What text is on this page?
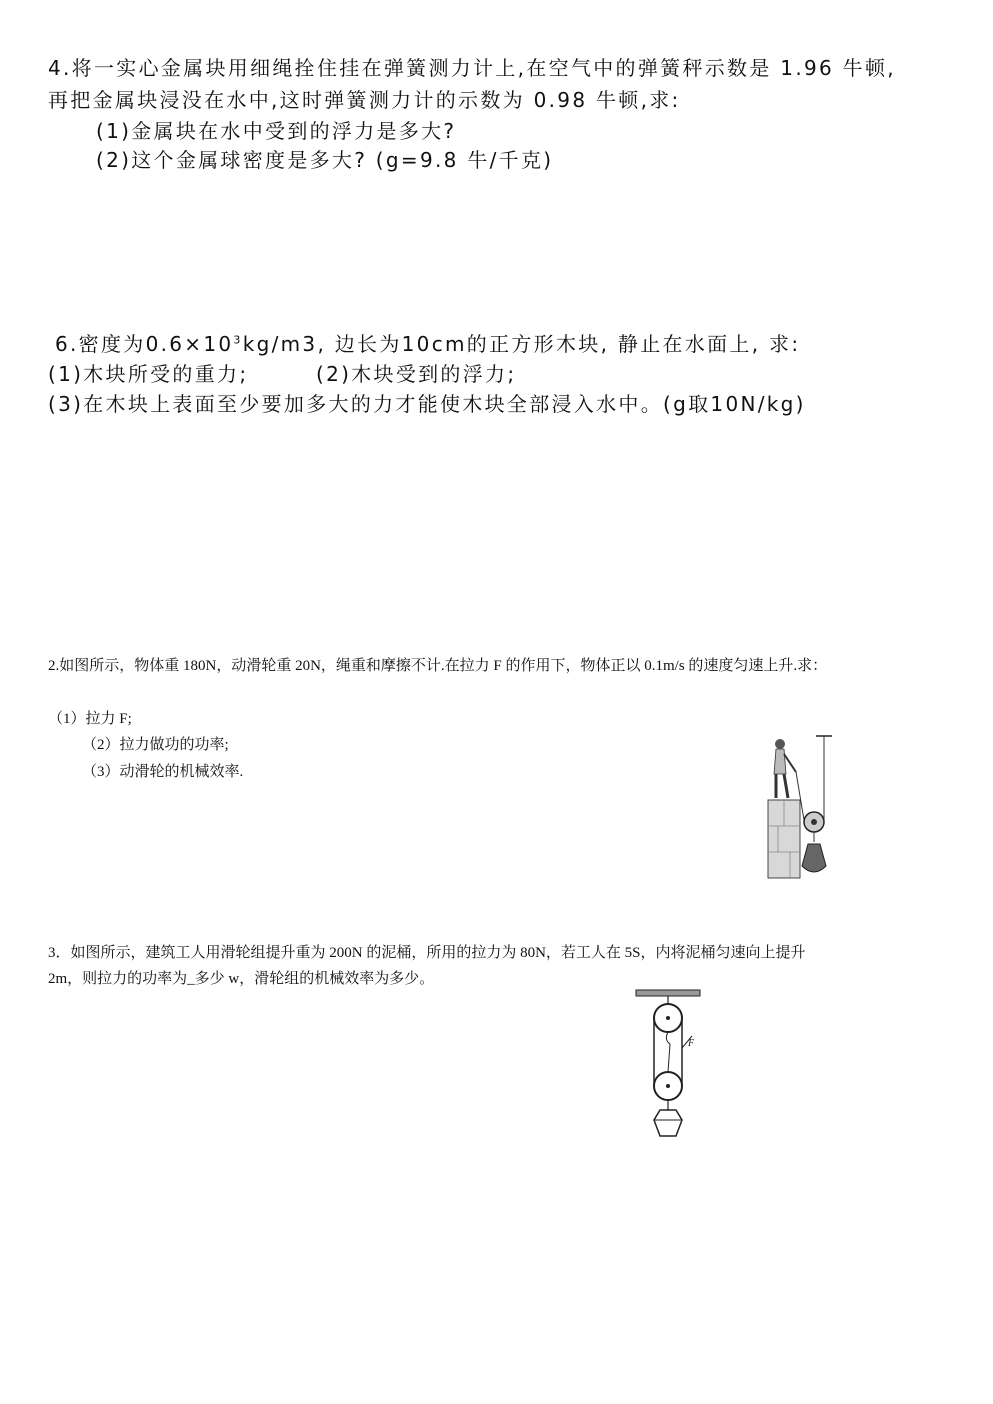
4.将一实心金属块用细绳拴住挂在弹簧测力计上,在空气中的弹簧秤示数是 1.96 牛顿,
再把金属块浸没在水中,这时弹簧测力计的示数为 0.98 牛顿,求:
(1)金属块在水中受到的浮力是多大?
(2)这个金属球密度是多大? (g=9.8 牛/千克)
6.密度为$0.6\times 10^3kg/m3$, 边长为10cm的正方形木块, 静止在水面上, 求:
(1)木块所受的重力;	(2)木块受到的浮力;
(3)在木块上表面至少要加多大的力才能使木块全部浸入水中。(g取10N/kg)
2.如图所示，物体重 180N，动滑轮重 20N，绳重和摩擦不计.在拉力 F 的作用下，物体正以 0.1m/s 的速度匀速上升.求：
（1）拉力 F;
（2）拉力做功的功率;
（3）动滑轮的机械效率.
3．如图所示，建筑工人用滑轮组提升重为 200N 的泥桶，所用的拉力为 80N，若工人在 5S，内将泥桶匀速向上提升
2m，则拉力的功率为_多少 w，滑轮组的机械效率为多少。
F
